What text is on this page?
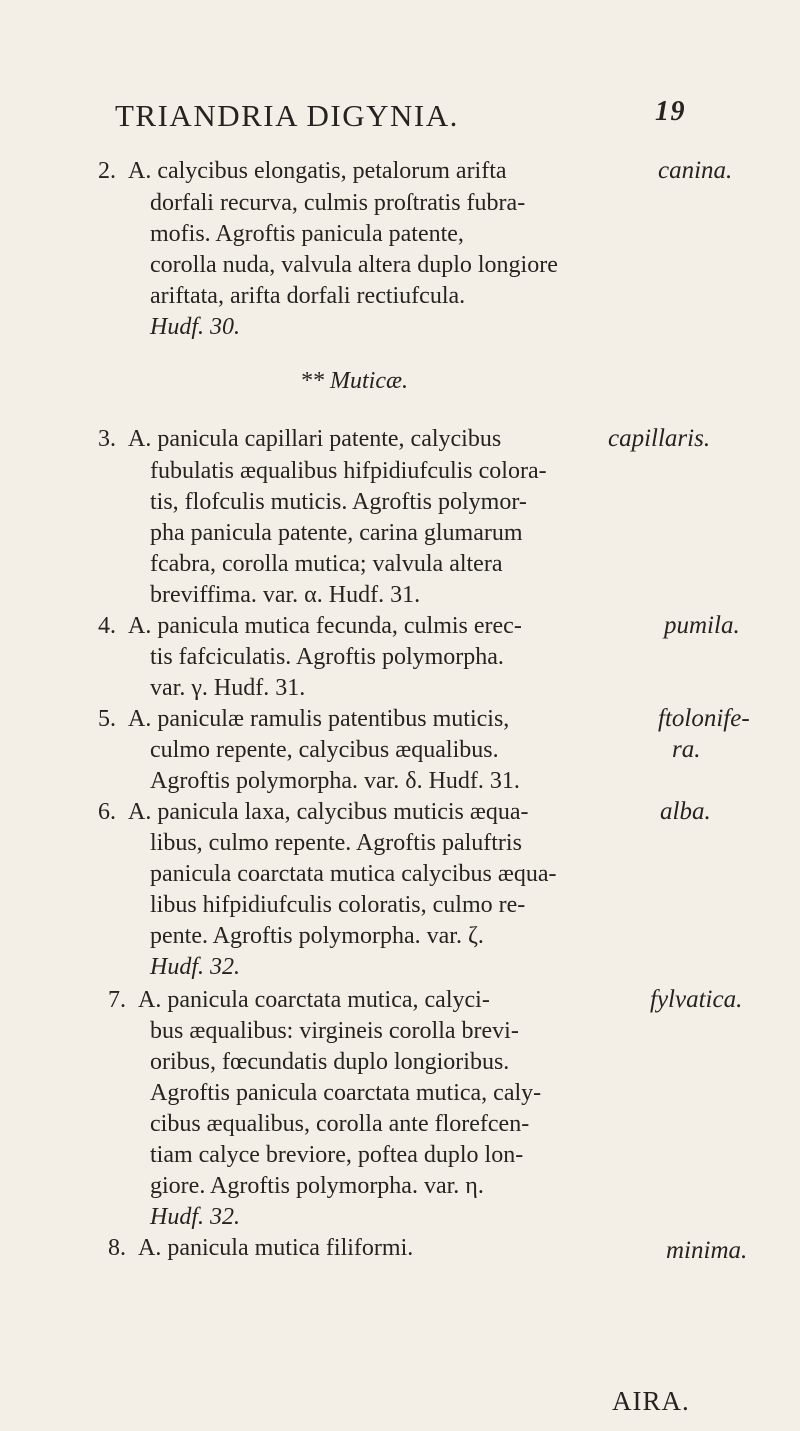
TRIANDRIA DIGYNIA.	19
2.	canina.
A. calycibus elongatis, petalorum arifta
dorfali recurva, culmis proſtratis fubra-
mofis. Agroftis panicula patente,
corolla nuda, valvula altera duplo longiore
ariftata, arifta dorfali rectiufcula.
Hudf. 30.
** Muticæ.
3.	capillaris.
A. panicula capillari patente, calycibus
fubulatis æqualibus hifpidiufculis colora-
tis, flofculis muticis. Agroftis polymor-
pha panicula patente, carina glumarum
fcabra, corolla mutica; valvula altera
breviffima. var. α. Hudf. 31.
4.	pumila.
A. panicula mutica fecunda, culmis erec-
tis fafciculatis. Agroftis polymorpha.
var. γ. Hudf. 31.
5.	ftolonife-
ra.
A. paniculæ ramulis patentibus muticis,
culmo repente, calycibus æqualibus.
Agroftis polymorpha. var. δ. Hudf. 31.
6.	alba.
A. panicula laxa, calycibus muticis æqua-
libus, culmo repente. Agroftis paluftris
panicula coarctata mutica calycibus æqua-
libus hifpidiufculis coloratis, culmo re-
pente. Agroftis polymorpha. var. ζ.
Hudf. 32.
7.	fylvatica.
A. panicula coarctata mutica, calyci-
bus æqualibus: virgineis corolla brevi-
oribus, fœcundatis duplo longioribus.
Agroftis panicula coarctata mutica, caly-
cibus æqualibus, corolla ante florefcen-
tiam calyce breviore, poftea duplo lon-
giore. Agroftis polymorpha. var. η.
Hudf. 32.
8.	minima.
A. panicula mutica filiformi.
AIRA.
